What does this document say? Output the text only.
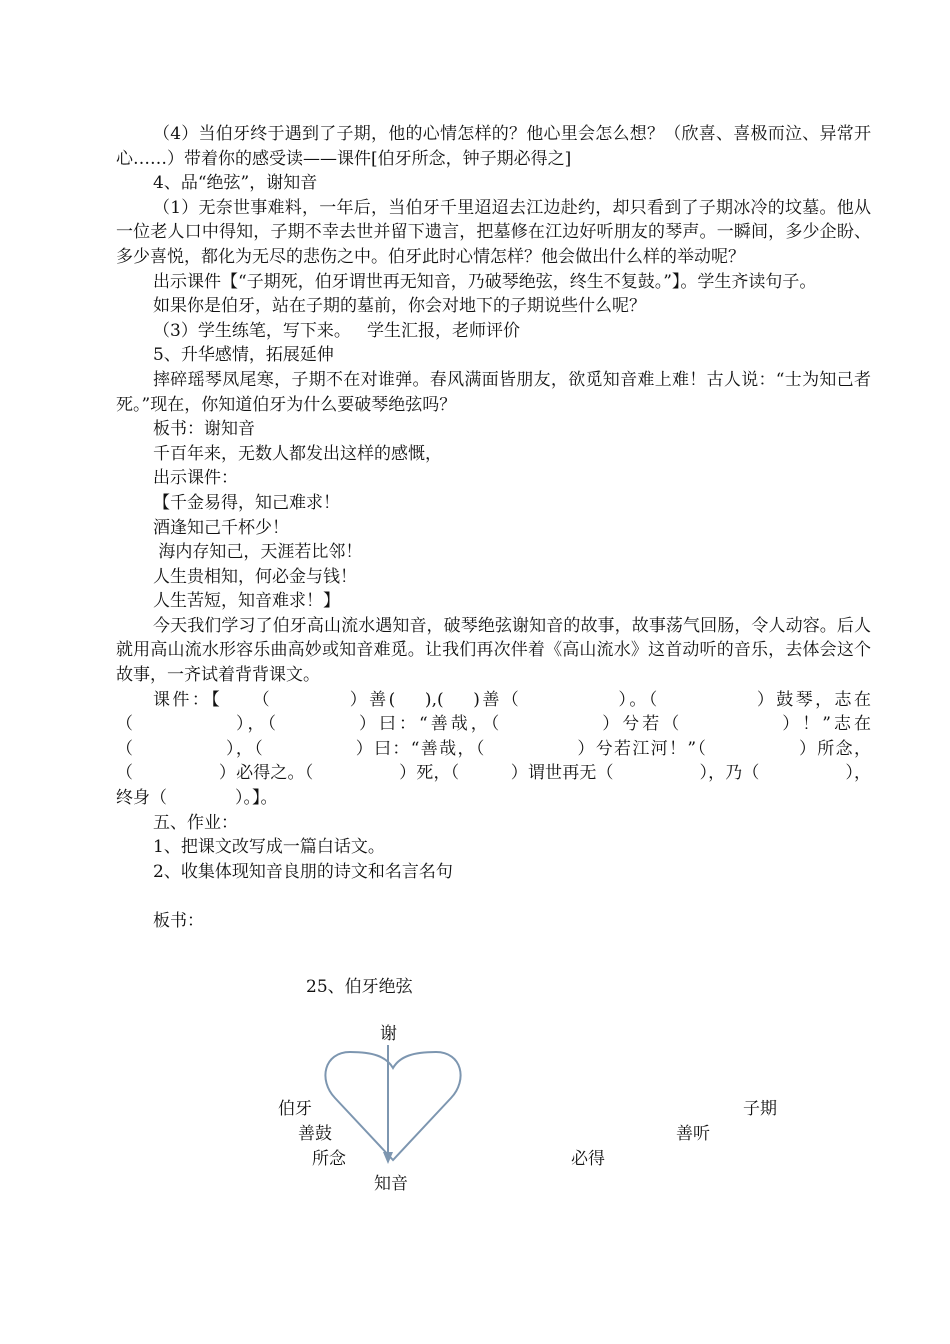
（4）当伯牙终于遇到了子期，他的心情怎样的？他心里会怎么想？（欣喜、喜极而泣、异常开心……）带着你的感受读——课件[伯牙所念，钟子期必得之]

4、品“绝弦”，谢知音

（1）无奈世事难料，一年后，当伯牙千里迢迢去江边赴约，却只看到了子期冰冷的坟墓。他从一位老人口中得知，子期不幸去世并留下遗言，把墓修在江边好听朋友的琴声。一瞬间，多少企盼、多少喜悦，都化为无尽的悲伤之中。伯牙此时心情怎样？他会做出什么样的举动呢？

出示课件【“子期死，伯牙谓世再无知音，乃破琴绝弦，终生不复鼓。”】。学生齐读句子。

如果你是伯牙，站在子期的墓前，你会对地下的子期说些什么呢？

（3）学生练笔，写下来。   学生汇报，老师评价

5、升华感情，拓展延伸

摔碎瑶琴凤尾寒，子期不在对谁弹。春风满面皆朋友，欲觅知音难上难！古人说：“士为知己者死。”现在，你知道伯牙为什么要破琴绝弦吗？

板书：谢知音

千百年来，无数人都发出这样的感慨，

出示课件：

【千金易得，知己难求！

酒逢知己千杯少！

海内存知己，天涯若比邻！

人生贵相知，何必金与钱！

人生苦短，知音难求！】

今天我们学习了伯牙高山流水遇知音，破琴绝弦谢知音的故事，故事荡气回肠，令人动容。后人就用高山流水形容乐曲高妙或知音难觅。让我们再次伴着《高山流水》这首动听的音乐，去体会这个故事，一齐试着背背课文。

课件：【　　（　　　　）善(　 ),(　 )善（　　　　　）。（　　　　　）鼓琴，志在（　　　　　），（　　　　）曰：“善哉，（　　　　　）兮若（　　　　　）！”志在（　　　　　），（　　　　　）曰：“善哉，（　　　　　）兮若江河！”（　　　　　）所念，（　　　　　）必得之。（　　　　　）死，（　　　）谓世再无（　　　　　），乃（　　　　　），终身（　　　　）。】。

五、作业：

1、把课文改写成一篇白话文。

2、收集体现知音良朋的诗文和名言名句

板书：

25、伯牙绝弦
谢
伯牙
善鼓
所念
子期
善听
必得
知音
